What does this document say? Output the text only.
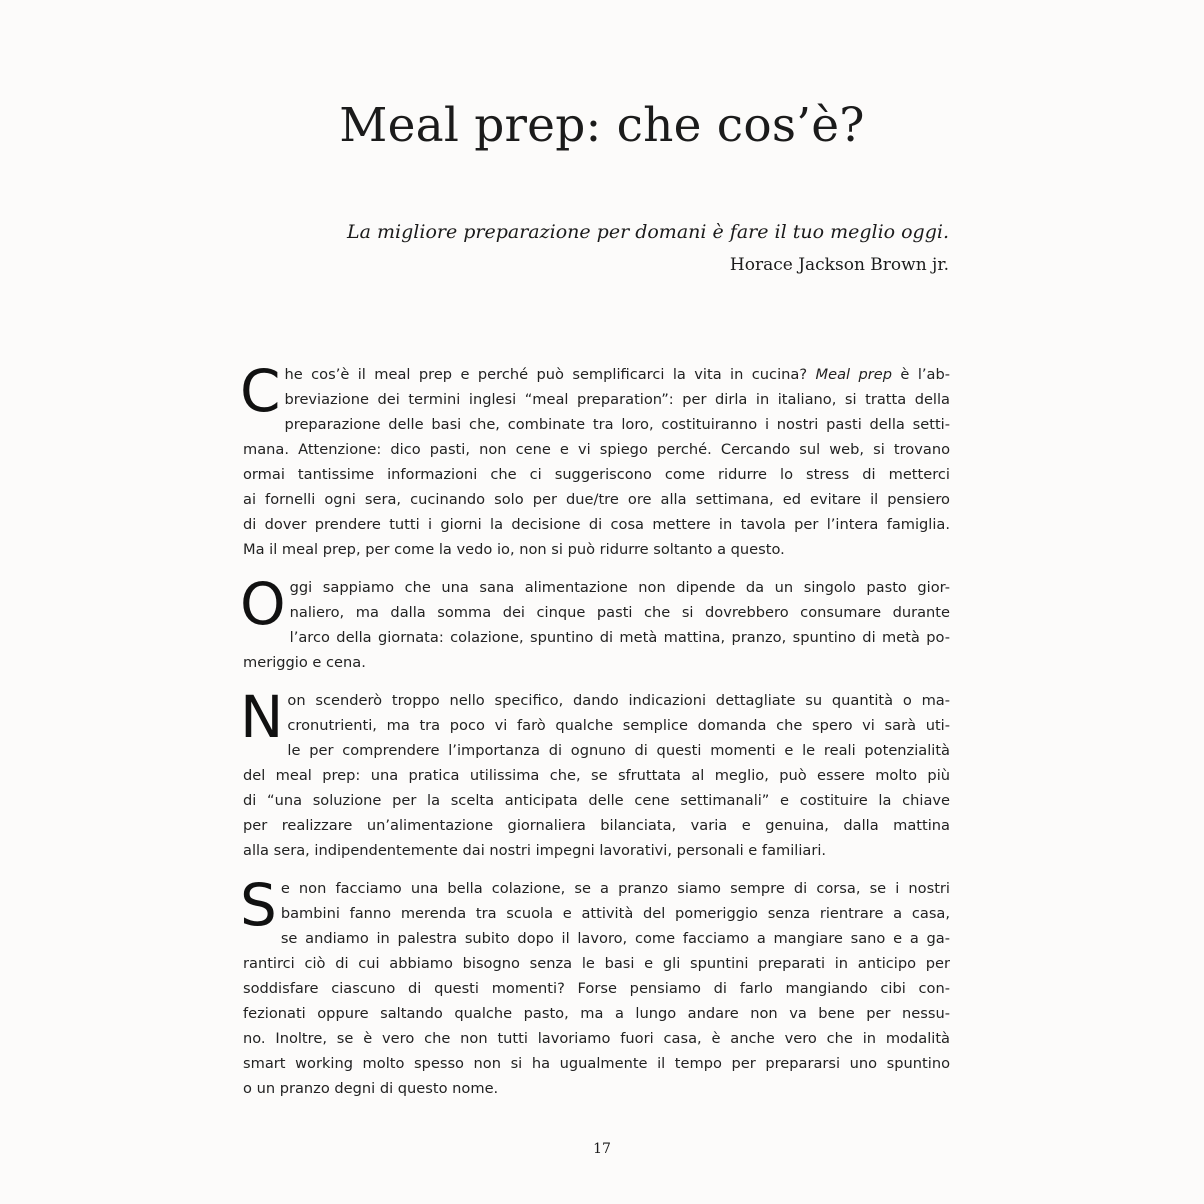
Meal prep: che cos’è?
La migliore preparazione per domani è fare il tuo meglio oggi.
Horace Jackson Brown jr.

C he cos’è il meal prep e perché può semplificarci la vita in cucina? Meal prep è l’ab-
breviazione dei termini inglesi “meal preparation”: per dirla in italiano, si tratta della
preparazione delle basi che, combinate tra loro, costituiranno i nostri pasti della setti-
mana. Attenzione: dico pasti, non cene e vi spiego perché. Cercando sul web, si trovano
ormai tantissime informazioni che ci suggeriscono come ridurre lo stress di metterci
ai fornelli ogni sera, cucinando solo per due/tre ore alla settimana, ed evitare il pensiero
di dover prendere tutti i giorni la decisione di cosa mettere in tavola per l’intera famiglia.
Ma il meal prep, per come la vedo io, non si può ridurre soltanto a questo.

O ggi sappiamo che una sana alimentazione non dipende da un singolo pasto gior-
naliero, ma dalla somma dei cinque pasti che si dovrebbero consumare durante
l’arco della giornata: colazione, spuntino di metà mattina, pranzo, spuntino di metà po-
meriggio e cena.

N on scenderò troppo nello specifico, dando indicazioni dettagliate su quantità o ma-
cronutrienti, ma tra poco vi farò qualche semplice domanda che spero vi sarà uti-
le per comprendere l’importanza di ognuno di questi momenti e le reali potenzialità
del meal prep: una pratica utilissima che, se sfruttata al meglio, può essere molto più
di “una soluzione per la scelta anticipata delle cene settimanali” e costituire la chiave
per realizzare un’alimentazione giornaliera bilanciata, varia e genuina, dalla mattina
alla sera, indipendentemente dai nostri impegni lavorativi, personali e familiari.

S e non facciamo una bella colazione, se a pranzo siamo sempre di corsa, se i nostri
bambini fanno merenda tra scuola e attività del pomeriggio senza rientrare a casa,
se andiamo in palestra subito dopo il lavoro, come facciamo a mangiare sano e a ga-
rantirci ciò di cui abbiamo bisogno senza le basi e gli spuntini preparati in anticipo per
soddisfare ciascuno di questi momenti? Forse pensiamo di farlo mangiando cibi con-
fezionati oppure saltando qualche pasto, ma a lungo andare non va bene per nessu-
no. Inoltre, se è vero che non tutti lavoriamo fuori casa, è anche vero che in modalità
smart working molto spesso non si ha ugualmente il tempo per prepararsi uno spuntino
o un pranzo degni di questo nome.

17
